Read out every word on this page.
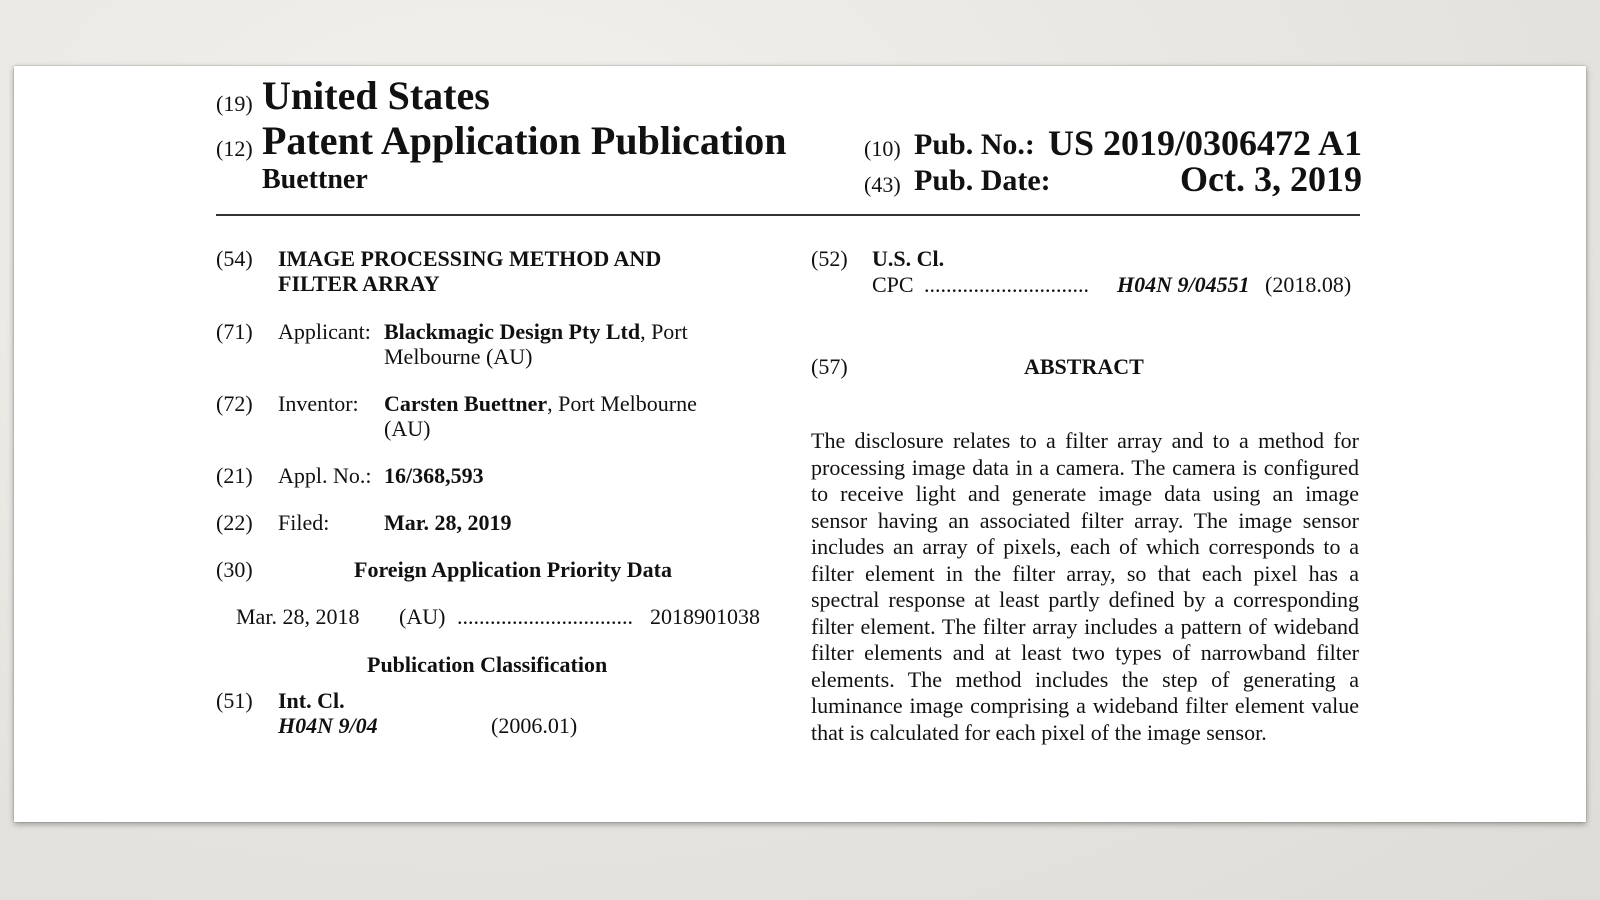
(19) United States
(12) Patent Application Publication
Buettner
(10) Pub. No.: US 2019/0306472 A1
(43) Pub. Date:	Oct. 3, 2019
(54) IMAGE PROCESSING METHOD AND
FILTER ARRAY
(71) Applicant: Blackmagic Design Pty Ltd, Port
Melbourne (AU)
(72) Inventor: Carsten Buettner, Port Melbourne
(AU)
(21) Appl. No.: 16/368,593
(22) Filed: Mar. 28, 2019
(30)	Foreign Application Priority Data
Mar. 28, 2018 (AU) ................................ 2018901038
Publication Classification
(51) Int. Cl.
H04N 9/04	(2006.01)
(52) U.S. Cl.
CPC .............................. H04N 9/04551 (2018.08)
(57)	ABSTRACT
The disclosure relates to a filter array and to a method for processing image data in a camera. The camera is configured to receive light and generate image data using an image sensor having an associated filter array. The image sensor includes an array of pixels, each of which corresponds to a filter element in the filter array, so that each pixel has a spectral response at least partly defined by a corresponding filter element. The filter array includes a pattern of wideband filter elements and at least two types of narrowband filter elements. The method includes the step of generating a luminance image comprising a wideband filter element value that is calculated for each pixel of the image sensor.
